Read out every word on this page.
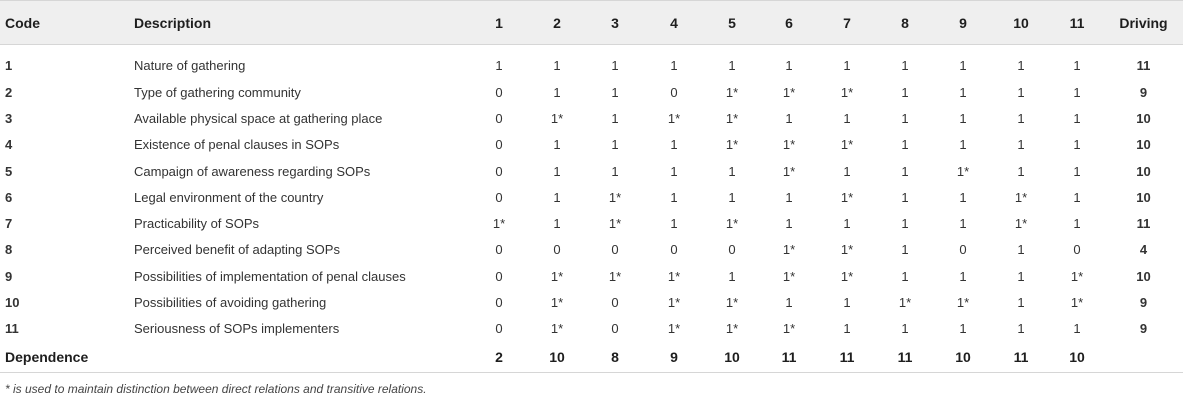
Code	Description	1	2	3	4	5	6	7	8	9	10	11	Driving
1	Nature of gathering	1	1	1	1	1	1	1	1	1	1	1	11
2	Type of gathering community	0	1	1	0	1*	1*	1*	1	1	1	1	9
3	Available physical space at gathering place	0	1*	1	1*	1*	1	1	1	1	1	1	10
4	Existence of penal clauses in SOPs	0	1	1	1	1*	1*	1*	1	1	1	1	10
5	Campaign of awareness regarding SOPs	0	1	1	1	1	1*	1	1	1*	1	1	10
6	Legal environment of the country	0	1	1*	1	1	1	1*	1	1	1*	1	10
7	Practicability of SOPs	1*	1	1*	1	1*	1	1	1	1	1*	1	11
8	Perceived benefit of adapting SOPs	0	0	0	0	0	1*	1*	1	0	1	0	4
9	Possibilities of implementation of penal clauses	0	1*	1*	1*	1	1*	1*	1	1	1	1*	10
10	Possibilities of avoiding gathering	0	1*	0	1*	1*	1	1	1*	1*	1	1*	9
11	Seriousness of SOPs implementers	0	1*	0	1*	1*	1*	1	1	1	1	1	9
Dependence		2	10	8	9	10	11	11	11	10	11	10	
* is used to maintain distinction between direct relations and transitive relations.
